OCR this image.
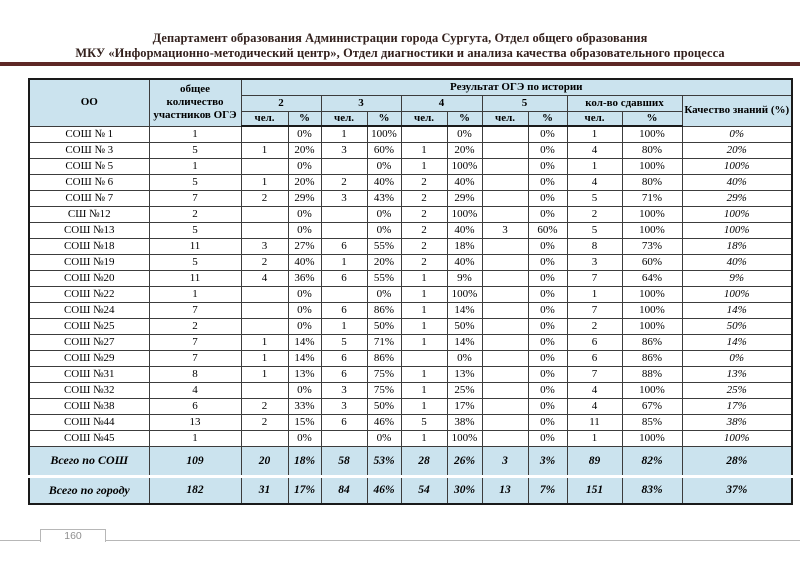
Департамент образования Администрации города Сургута, Отдел общего образования
МКУ «Информационно-методический центр», Отдел диагностики и анализа качества образовательного процесса
ОО	общее количество участников ОГЭ	Результат ОГЭ по истории										
		2		3		4		5		кол-во сдавших		Качество знаний (%)
		чел.	%	чел.	%	чел.	%	чел.	%	чел.	%	
СОШ № 1	1		0%	1	100%		0%		0%	1	100%	0%
СОШ № 3	5	1	20%	3	60%	1	20%		0%	4	80%	20%
СОШ № 5	1		0%		0%	1	100%		0%	1	100%	100%
СОШ № 6	5	1	20%	2	40%	2	40%		0%	4	80%	40%
СОШ № 7	7	2	29%	3	43%	2	29%		0%	5	71%	29%
СШ №12	2		0%		0%	2	100%		0%	2	100%	100%
СОШ №13	5		0%		0%	2	40%	3	60%	5	100%	100%
СОШ №18	11	3	27%	6	55%	2	18%		0%	8	73%	18%
СОШ №19	5	2	40%	1	20%	2	40%		0%	3	60%	40%
СОШ №20	11	4	36%	6	55%	1	9%		0%	7	64%	9%
СОШ №22	1		0%		0%	1	100%		0%	1	100%	100%
СОШ №24	7		0%	6	86%	1	14%		0%	7	100%	14%
СОШ №25	2		0%	1	50%	1	50%		0%	2	100%	50%
СОШ №27	7	1	14%	5	71%	1	14%		0%	6	86%	14%
СОШ №29	7	1	14%	6	86%		0%		0%	6	86%	0%
СОШ №31	8	1	13%	6	75%	1	13%		0%	7	88%	13%
СОШ №32	4		0%	3	75%	1	25%		0%	4	100%	25%
СОШ №38	6	2	33%	3	50%	1	17%		0%	4	67%	17%
СОШ №44	13	2	15%	6	46%	5	38%		0%	11	85%	38%
СОШ №45	1		0%		0%	1	100%		0%	1	100%	100%
Всего по СОШ	109	20	18%	58	53%	28	26%	3	3%	89	82%	28%
Всего по городу	182	31	17%	84	46%	54	30%	13	7%	151	83%	37%
160
